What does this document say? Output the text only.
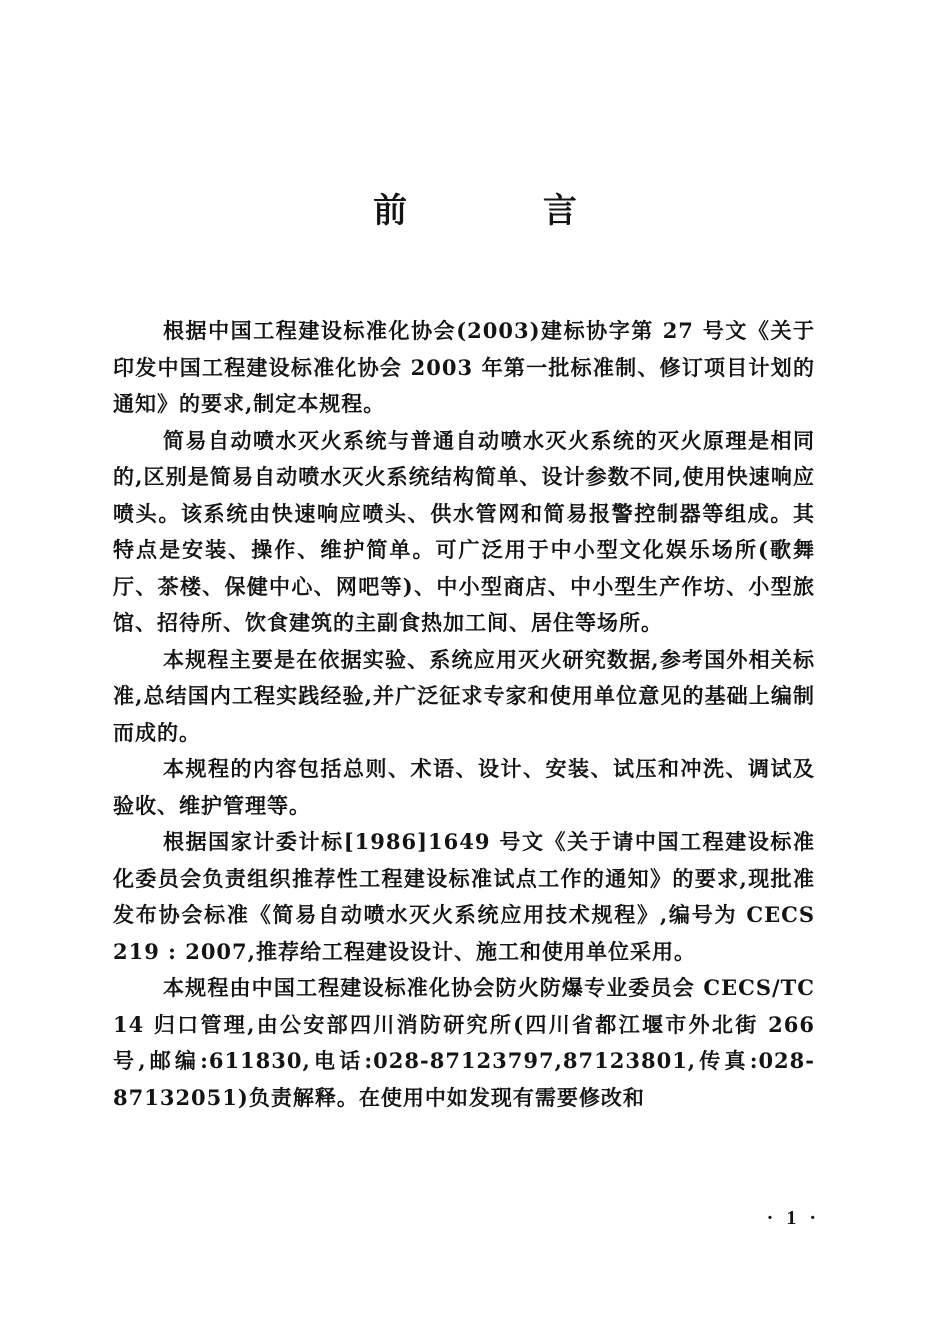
前 言

根据中国工程建设标准化协会(2003)建标协字第 27 号文《关于印发中国工程建设标准化协会 2003 年第一批标准制、修订项目计划的通知》的要求,制定本规程。

简易自动喷水灭火系统与普通自动喷水灭火系统的灭火原理是相同的,区别是简易自动喷水灭火系统结构简单、设计参数不同,使用快速响应喷头。该系统由快速响应喷头、供水管网和简易报警控制器等组成。其特点是安装、操作、维护简单。可广泛用于中小型文化娱乐场所(歌舞厅、茶楼、保健中心、网吧等)、中小型商店、中小型生产作坊、小型旅馆、招待所、饮食建筑的主副食热加工间、居住等场所。

本规程主要是在依据实验、系统应用灭火研究数据,参考国外相关标准,总结国内工程实践经验,并广泛征求专家和使用单位意见的基础上编制而成的。

本规程的内容包括总则、术语、设计、安装、试压和冲洗、调试及验收、维护管理等。

根据国家计委计标[1986]1649 号文《关于请中国工程建设标准化委员会负责组织推荐性工程建设标准试点工作的通知》的要求,现批准发布协会标准《简易自动喷水灭火系统应用技术规程》,编号为 CECS 219 : 2007,推荐给工程建设设计、施工和使用单位采用。

本规程由中国工程建设标准化协会防火防爆专业委员会 CECS/TC 14 归口管理,由公安部四川消防研究所(四川省都江堰市外北街 266 号,邮编:611830,电话:028-87123797,87123801,传真:028-87132051)负责解释。在使用中如发现有需要修改和

· 1 ·
